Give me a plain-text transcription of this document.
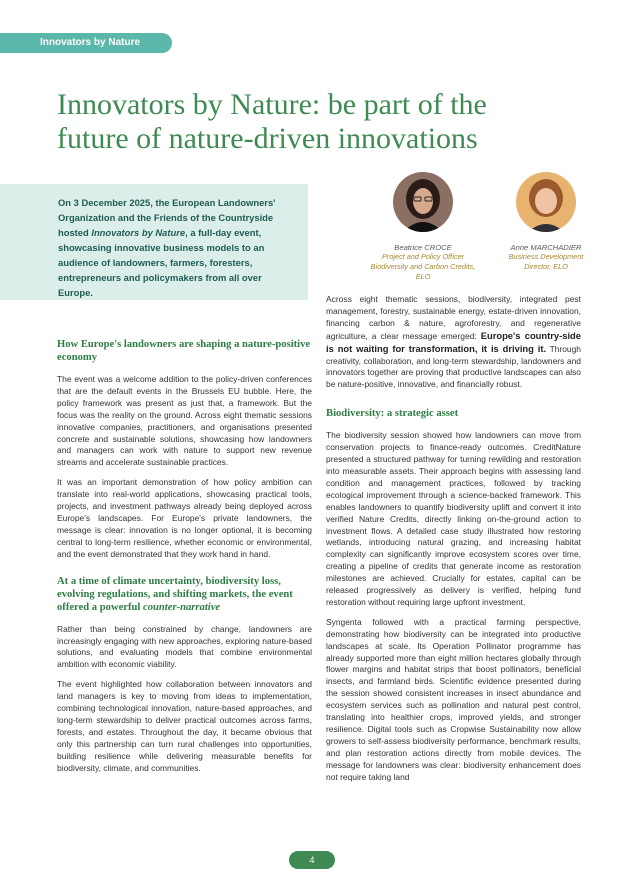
Innovators by Nature
Innovators by Nature: be part of the
future of nature-driven innovations
On 3 December 2025, the European Landowners' Organization and the Friends of the Countryside hosted Innovators by Nature, a full-day event, showcasing innovative business models to an audience of landowners, farmers, foresters, entrepreneurs and policymakers from all over Europe.
Beatrice CROCE
Project and Policy Officer
Biodiversity and Carbon Credits, ELO
Anne MARCHADIER
Business Development
Director, ELO
How Europe's landowners are shaping a nature-positive economy

The event was a welcome addition to the policy-driven conferences that are the default events in the Brussels EU bubble. Here, the policy framework was present as just that, a framework. But the focus was the reality on the ground. Across eight thematic sessions innovative companies, practitioners, and organisations presented concrete and sustainable solutions, showcasing how landowners and managers can work with nature to support new revenue streams and accelerate sustainable practices.

It was an important demonstration of how policy ambition can translate into real-world applications, showcasing practical tools, projects, and investment pathways already being deployed across Europe's landscapes. For Europe's private landowners, the message is clear: innovation is no longer optional, it is becoming central to long-term resilience, whether economic or environmental, and the event demonstrated that they work hand in hand.

At a time of climate uncertainty, biodiversity loss, evolving regulations, and shifting markets, the event offered a powerful counter-narrative

Rather than being constrained by change, landowners are increasingly engaging with new approaches, exploring nature-based solutions, and evaluating models that combine environmental ambition with economic viability.

The event highlighted how collaboration between innovators and land managers is key to moving from ideas to implementation, combining technological innovation, nature-based approaches, and long-term stewardship to deliver practical outcomes across farms, forests, and estates. Throughout the day, it became obvious that only this partnership can turn rural challenges into opportunities, building resilience while delivering measurable benefits for biodiversity, climate, and communities.

Across eight thematic sessions, biodiversity, integrated pest management, forestry, sustainable energy, estate-driven innovation, financing carbon & nature, agroforestry, and regenerative agriculture, a clear message emerged: Europe's country-side is not waiting for transformation, it is driving it. Through creativity, collaboration, and long-term stewardship, landowners and innovators together are proving that productive landscapes can also be nature-positive, innovative, and financially robust.

Biodiversity: a strategic asset

The biodiversity session showed how landowners can move from conservation projects to finance-ready outcomes. CreditNature presented a structured pathway for turning rewilding and restoration into measurable assets. Their approach begins with assessing land condition and management practices, followed by tracking ecological improvement through a science-backed framework. This enables landowners to quantify biodiversity uplift and convert it into verified Nature Credits, directly linking on-the-ground action to investment flows. A detailed case study illustrated how restoring wetlands, introducing natural grazing, and increasing habitat complexity can significantly improve ecosystem scores over time, creating a pipeline of credits that generate income as restoration milestones are achieved. Crucially for estates, capital can be released progressively as delivery is verified, helping fund restoration without requiring large upfront investment.

Syngenta followed with a practical farming perspective, demonstrating how biodiversity can be integrated into productive landscapes at scale. Its Operation Pollinator programme has already supported more than eight million hectares globally through flower margins and habitat strips that boost pollinators, beneficial insects, and farmland birds. Scientific evidence presented during the session showed consistent increases in insect abundance and ecosystem services such as pollination and natural pest control, translating into healthier crops, improved yields, and stronger resilience. Digital tools such as Cropwise Sustainability now allow growers to self-assess biodiversity performance, benchmark results, and plan restoration actions directly from mobile devices. The message for landowners was clear: biodiversity enhancement does not require taking land

4
